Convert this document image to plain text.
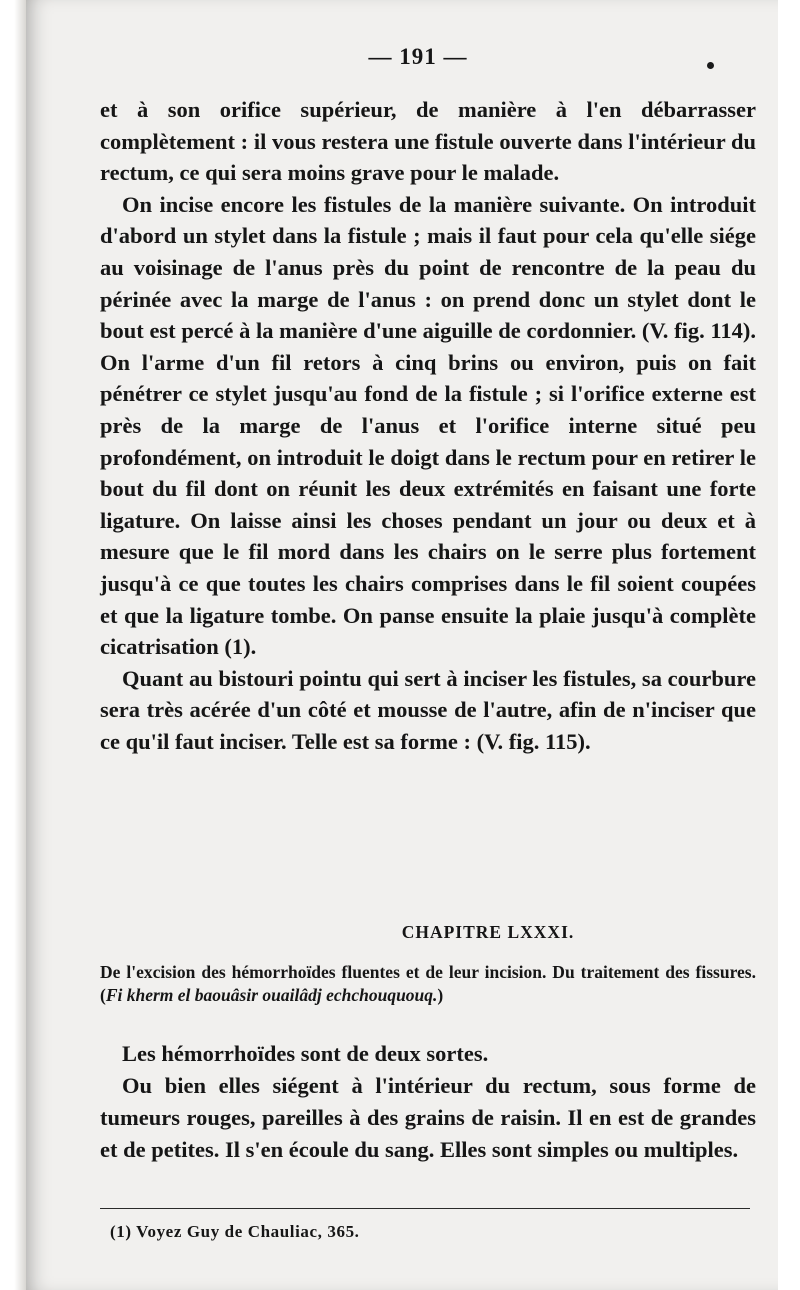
— 191 —

et à son orifice supérieur, de manière à l'en débarrasser complètement : il vous restera une fistule ouverte dans l'intérieur du rectum, ce qui sera moins grave pour le malade.

On incise encore les fistules de la manière suivante. On introduit d'abord un stylet dans la fistule ; mais il faut pour cela qu'elle siége au voisinage de l'anus près du point de rencontre de la peau du périnée avec la marge de l'anus : on prend donc un stylet dont le bout est percé à la manière d'une aiguille de cordonnier. (V. fig. 114). On l'arme d'un fil retors à cinq brins ou environ, puis on fait pénétrer ce stylet jusqu'au fond de la fistule ; si l'orifice externe est près de la marge de l'anus et l'orifice interne situé peu profondément, on introduit le doigt dans le rectum pour en retirer le bout du fil dont on réunit les deux extrémités en faisant une forte ligature. On laisse ainsi les choses pendant un jour ou deux et à mesure que le fil mord dans les chairs on le serre plus fortement jusqu'à ce que toutes les chairs comprises dans le fil soient coupées et que la ligature tombe. On panse ensuite la plaie jusqu'à complète cicatrisation (1).

Quant au bistouri pointu qui sert à inciser les fistules, sa courbure sera très acérée d'un côté et mousse de l'autre, afin de n'inciser que ce qu'il faut inciser. Telle est sa forme : (V. fig. 115).

CHAPITRE LXXXI.
De l'excision des hémorrhoïdes fluentes et de leur incision. Du traitement des fissures. (Fi kherm el baouâsir ouailâdj echchouquouq.)

Les hémorrhoïdes sont de deux sortes.

Ou bien elles siégent à l'intérieur du rectum, sous forme de tumeurs rouges, pareilles à des grains de raisin. Il en est de grandes et de petites. Il s'en écoule du sang. Elles sont simples ou multiples.

(1) Voyez Guy de Chauliac, 365.
